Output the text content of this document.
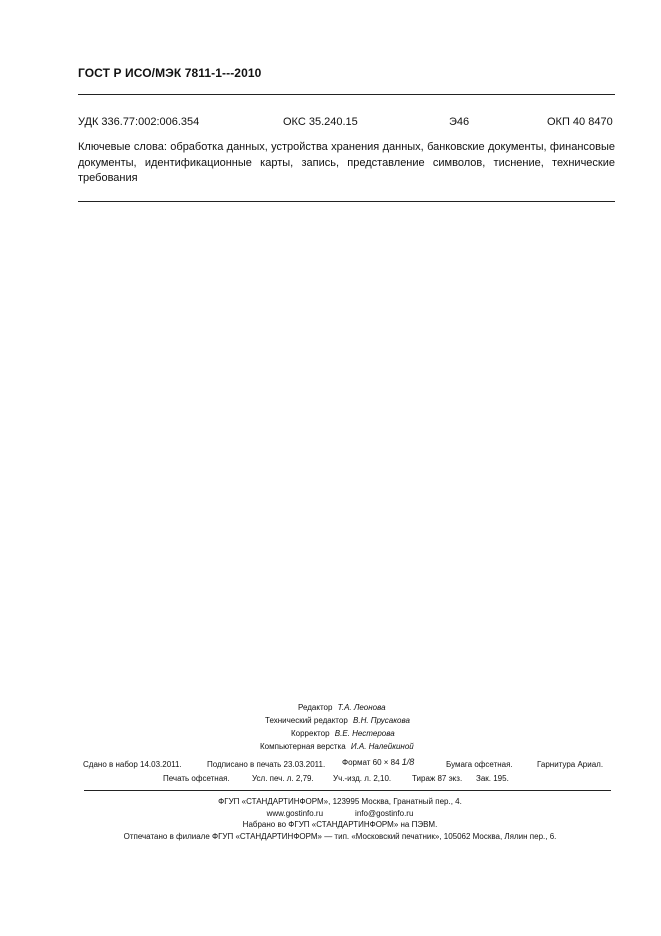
ГОСТ Р ИСО/МЭК 7811-1---2010
УДК 336.77:002:006.354	ОКС 35.240.15	Э46	ОКП 40 8470
Ключевые слова: обработка данных, устройства хранения данных, банковские документы, финансовые документы, идентификационные карты, запись, представление символов, тиснение, технические требования
Редактор Т.А. Леонова
Технический редактор В.Н. Прусакова
Корректор В.Е. Нестерова
Компьютерная верстка И.А. Налейкиной
Сдано в набор 14.03.2011.	Подписано в печать 23.03.2011. Формат 60 × 84 1/8	Бумага офсетная.	Гарнитура Ариал.
Печать офсетная.	Усл. печ. л. 2,79. Уч.-изд. л. 2,10.	Тираж 87 экз. Зак. 195.
ФГУП «СТАНДАРТИНФОРМ», 123995 Москва, Гранатный пер., 4.
www.gostinfo.ru	info@gostinfo.ru
Набрано во ФГУП «СТАНДАРТИНФОРМ» на ПЭВМ.
Отпечатано в филиале ФГУП «СТАНДАРТИНФОРМ» — тип. «Московский печатник», 105062 Москва, Лялин пер., 6.
